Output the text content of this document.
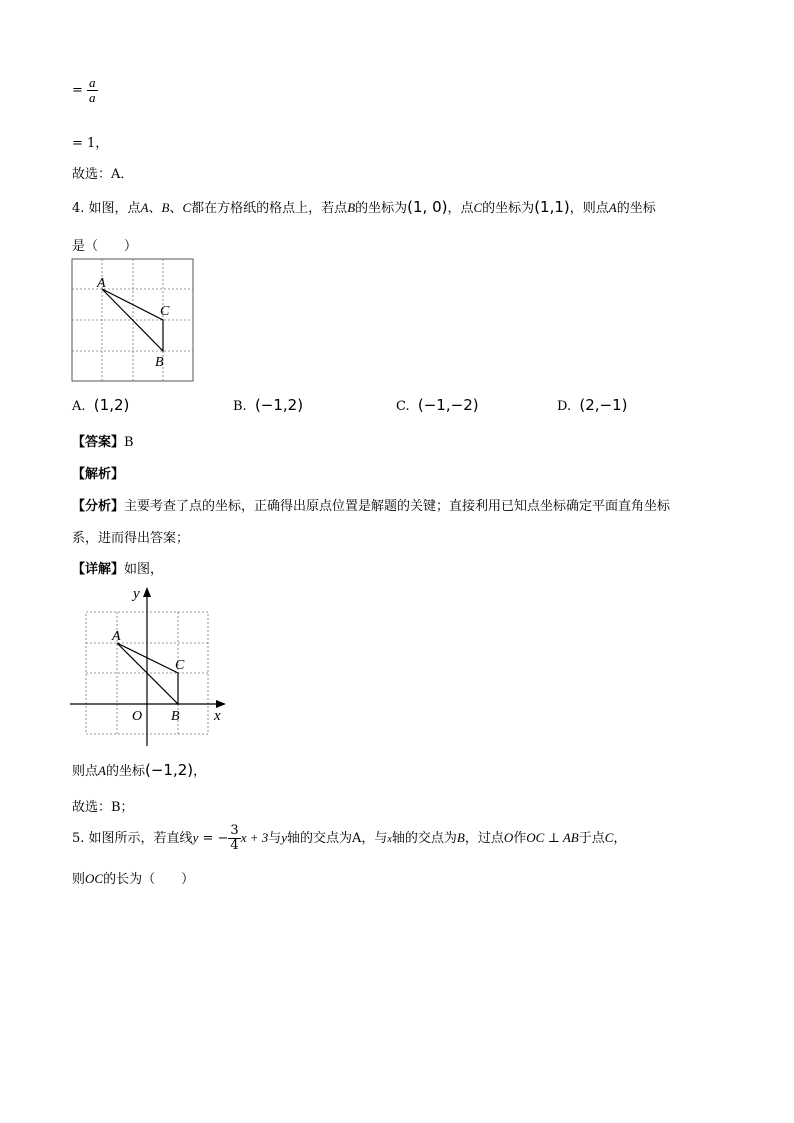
= $\frac{a}{a}$
= 1，
故选：A．
4. 如图，点A、B、C都在方格纸的格点上，若点B的坐标为(1, 0)，点C的坐标为(1,1)，则点A的坐标
是（　　）
A
C
B
A. (1,2)	B. (−1,2)	C. (−1,−2)	D. (2,−1)
【答案】B
【解析】
【分析】主要考查了点的坐标，正确得出原点位置是解题的关键；直接利用已知点坐标确定平面直角坐标
系，进而得出答案；
【详解】如图，
A
C
B
O	x
y
则点A的坐标(−1,2)，
故选：B；
5. 如图所示，若直线y = − $\frac{3}{4}$ x + 3与y轴的交点为A，与x轴的交点为B，过点O作OC ⊥ AB于点C，
则OC的长为（　　）
